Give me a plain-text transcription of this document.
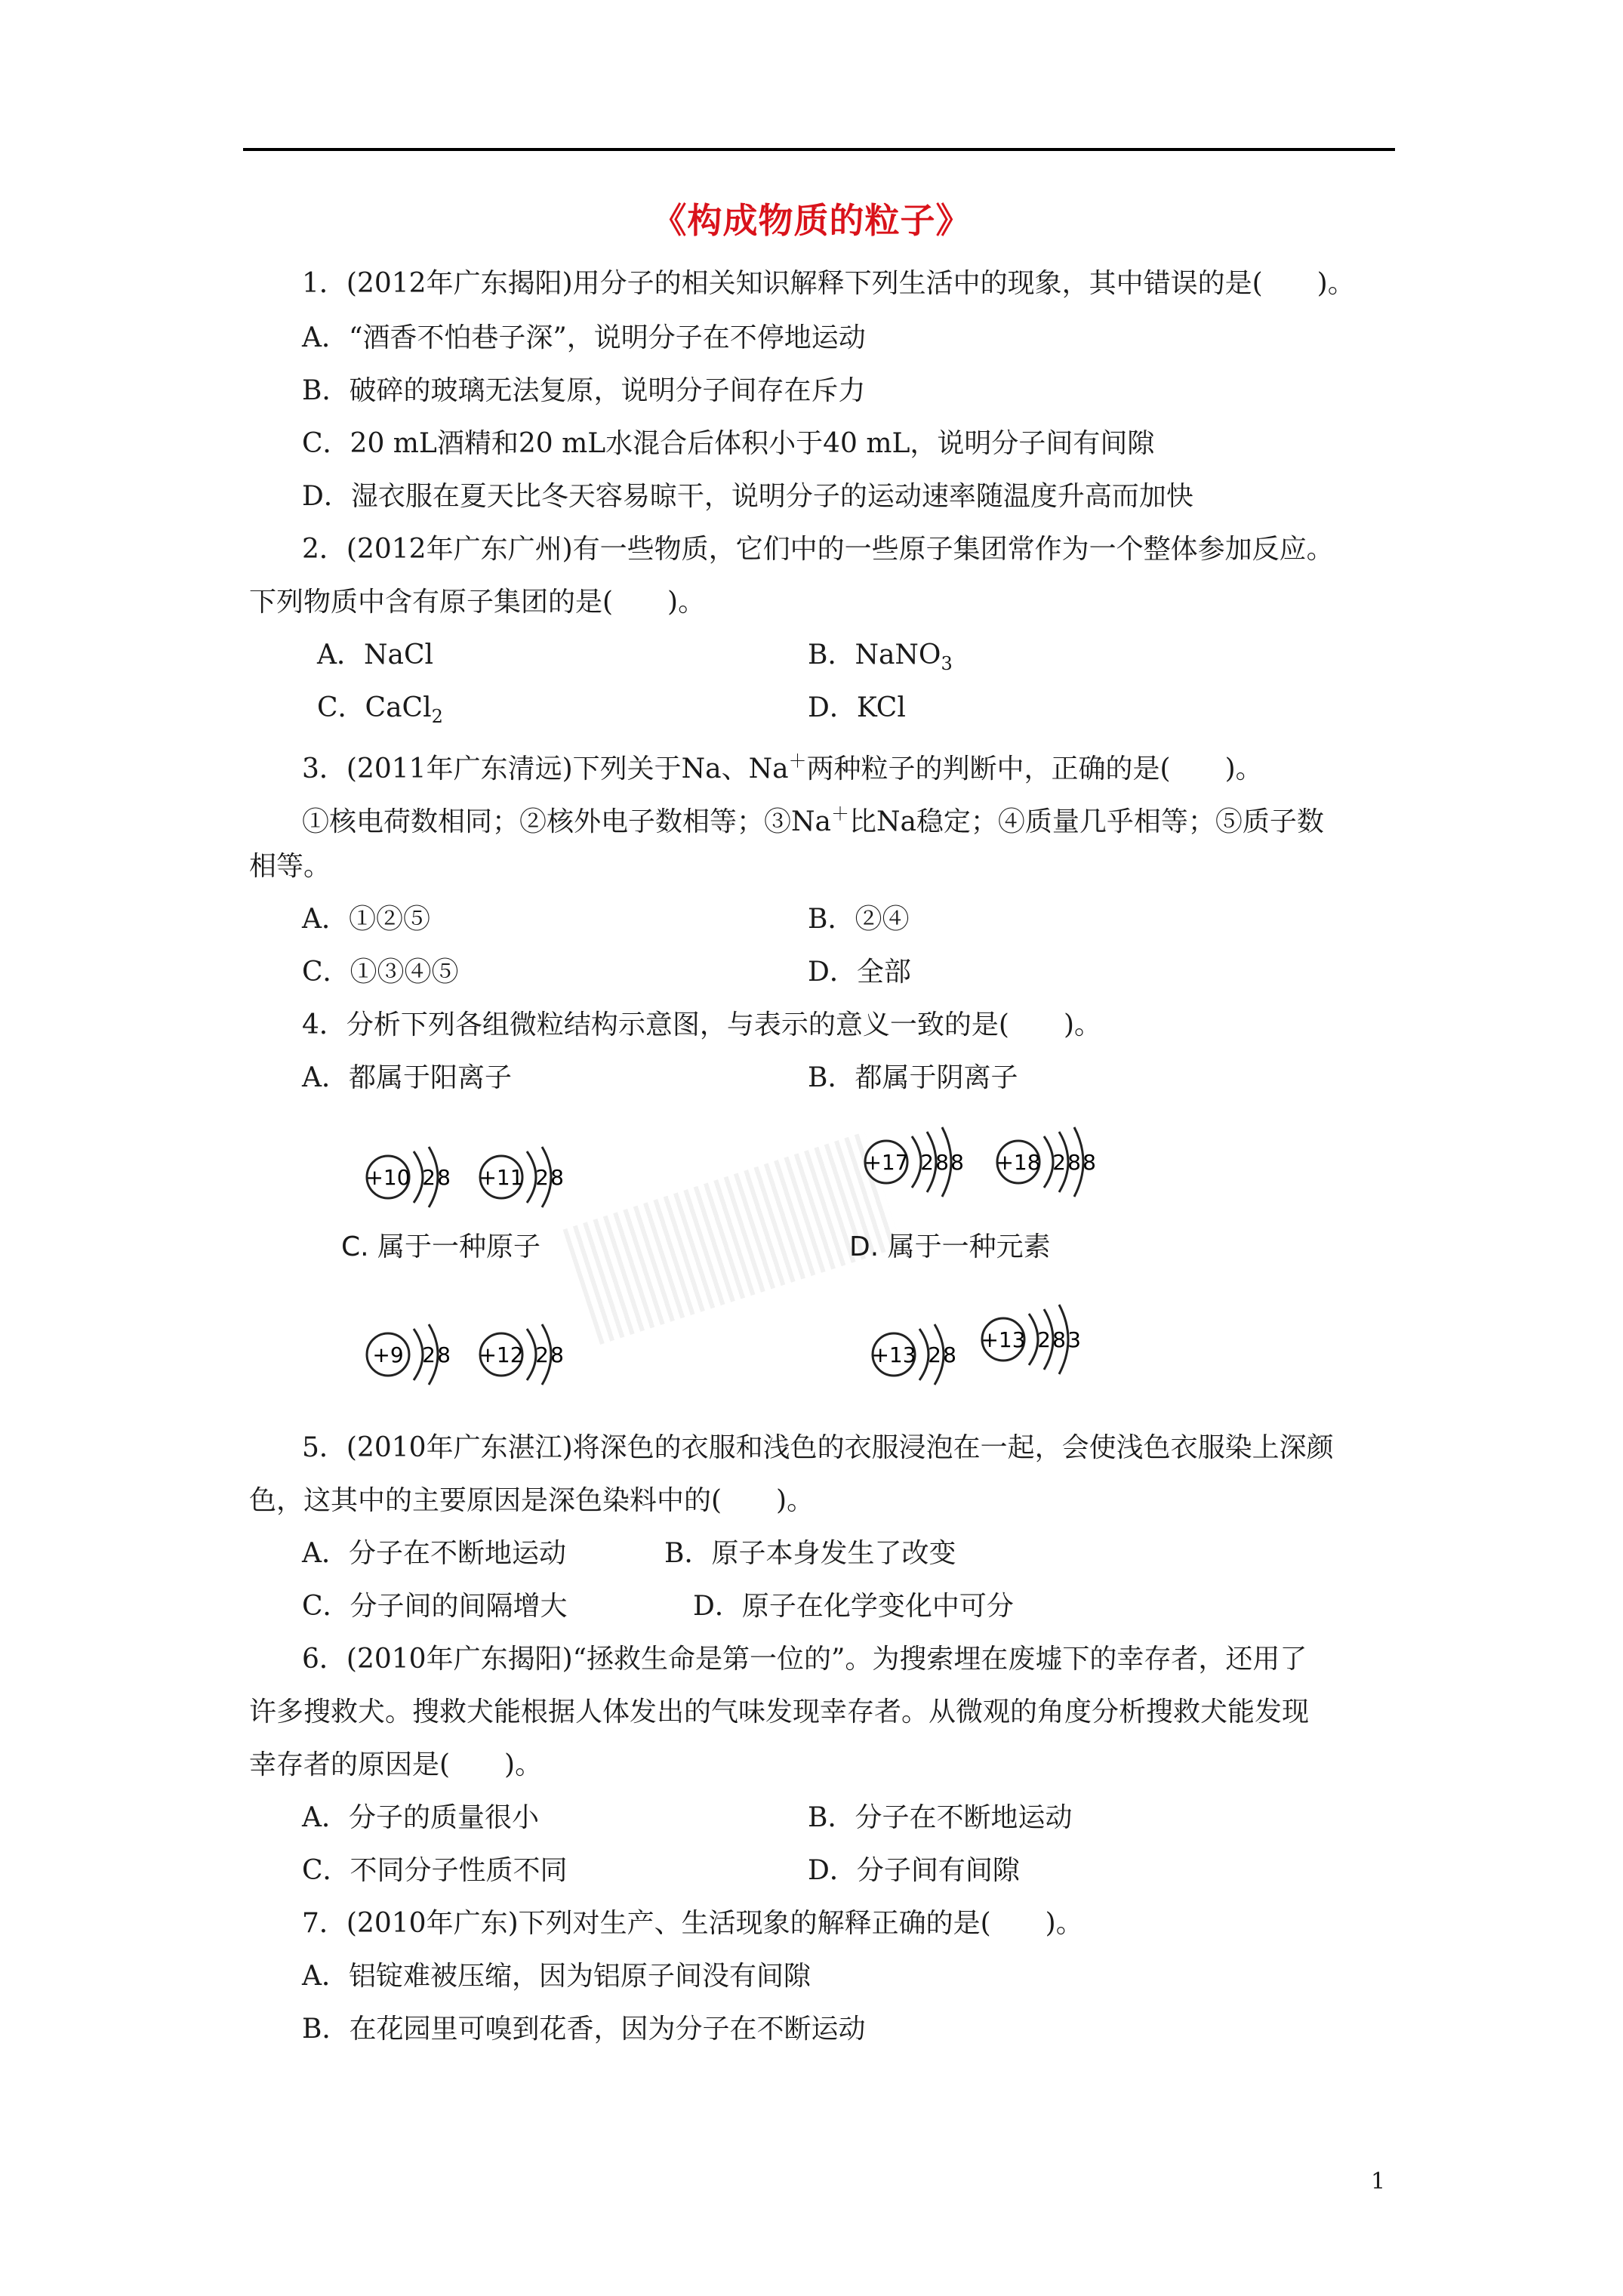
《构成物质的粒子》
1．(2012年广东揭阳)用分子的相关知识解释下列生活中的现象，其中错误的是(　　)。
A．“酒香不怕巷子深”，说明分子在不停地运动
B．破碎的玻璃无法复原，说明分子间存在斥力
C．20 mL酒精和20 mL水混合后体积小于40 mL，说明分子间有间隙
D．湿衣服在夏天比冬天容易晾干，说明分子的运动速率随温度升高而加快
2．(2012年广东广州)有一些物质，它们中的一些原子集团常作为一个整体参加反应。
下列物质中含有原子集团的是(　　)。
A．NaCl	B．NaNO$_3$
C．CaCl$_2$	D．KCl
3．(2011年广东清远)下列关于Na、Na＋两种粒子的判断中，正确的是(　　)。
①核电荷数相同；②核外电子数相等；③Na＋比Na稳定；④质量几乎相等；⑤质子数
相等。
A．①②⑤	B．②④
C．①③④⑤	D．全部
4．分析下列各组微粒结构示意图，与表示的意义一致的是(　　)。
A．都属于阳离子	B．都属于阴离子
+10 2 8 +11 2 8
+17 2 8 8 +18 2 8 8
C. 属于一种原子	D. 属于一种元素
+9 2 8 +12 2 8	+13 2 8
+13 2 8 3
5．(2010年广东湛江)将深色的衣服和浅色的衣服浸泡在一起，会使浅色衣服染上深颜
色，这其中的主要原因是深色染料中的(　　)。
A．分子在不断地运动	B．原子本身发生了改变
C．分子间的间隔增大	D．原子在化学变化中可分
6．(2010年广东揭阳)“拯救生命是第一位的”。为搜索埋在废墟下的幸存者，还用了
许多搜救犬。搜救犬能根据人体发出的气味发现幸存者。从微观的角度分析搜救犬能发现
幸存者的原因是(　　)。
A．分子的质量很小	B．分子在不断地运动
C．不同分子性质不同	D．分子间有间隙
7．(2010年广东)下列对生产、生活现象的解释正确的是(　　)。
A．铝锭难被压缩，因为铝原子间没有间隙
B．在花园里可嗅到花香，因为分子在不断运动
1
